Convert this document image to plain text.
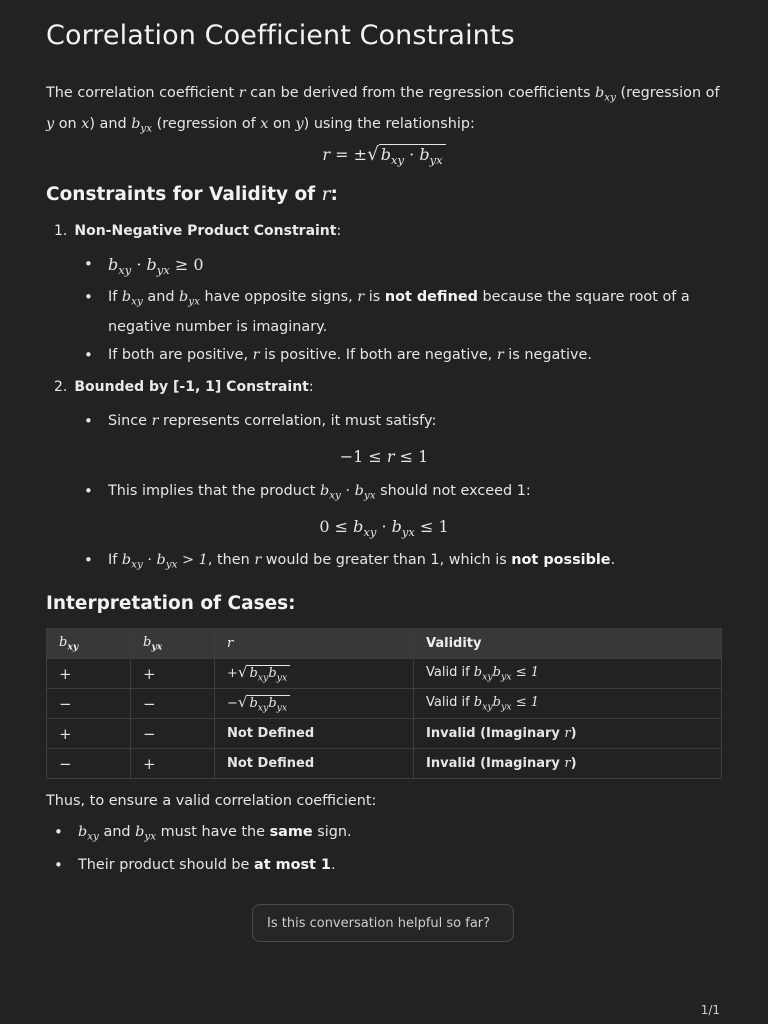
Correlation Coefficient Constraints

The correlation coefficient r can be derived from the regression coefficients $b_{xy}$ (regression of y on x) and $b_{yx}$ (regression of x on y) using the relationship:

r = ±√ $b_{xy} \cdot b_{yx}$
Constraints for Validity of r:
1. Non-Negative Product Constraint:
• $b_{xy} \cdot b_{yx} \ge 0$
• If $b_{xy}$ and $b_{yx}$ have opposite signs, r is not defined because the square root of a negative number is imaginary.
• If both are positive, r is positive. If both are negative, r is negative.
2. Bounded by [-1, 1] Constraint:
• Since r represents correlation, it must satisfy:
−1 ≤ r ≤ 1
• This implies that the product $b_{xy} \cdot b_{yx}$ should not exceed 1:
$0 \le b_{xy} \cdot b_{yx} \le 1$
• If $b_{xy} \cdot b_{yx} > 1$, then r would be greater than 1, which is not possible.
Interpretation of Cases:
$b_{xy}$	$b_{yx}$	r	Validity
+	+	+√ $b_{xy}b_{yx}$	Valid if $b_{xy}b_{yx} \le 1$
−	−	−√ $b_{xy}b_{yx}$	Valid if $b_{xy}b_{yx} \le 1$
+	−	Not Defined	Invalid (Imaginary r)
−	+	Not Defined	Invalid (Imaginary r)
Thus, to ensure a valid correlation coefficient:
• $b_{xy}$ and $b_{yx}$ must have the same sign.
• Their product should be at most 1.
Is this conversation helpful so far?
1/1
